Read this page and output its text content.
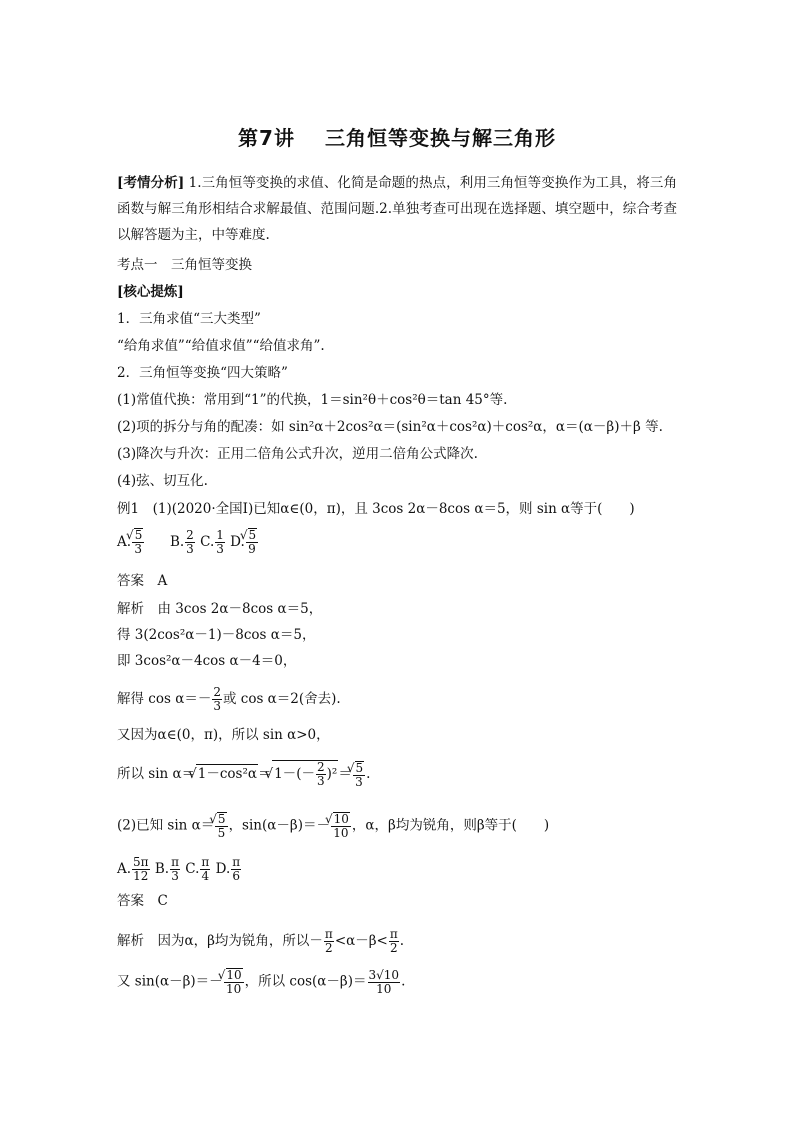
第7讲 三角恒等变换与解三角形
[考情分析] 1.三角恒等变换的求值、化简是命题的热点，利用三角恒等变换作为工具，将三角函数与解三角形相结合求解最值、范围问题.2.单独考查可出现在选择题、填空题中，综合考查以解答题为主，中等难度.
考点一　三角恒等变换
[核心提炼]
1．三角求值“三大类型”
“给角求值”“给值求值”“给值求角”.
2．三角恒等变换“四大策略”
(1)常值代换：常用到“1”的代换，1＝sin²θ＋cos²θ＝tan 45°等.
(2)项的拆分与角的配凑：如 sin²α＋2cos²α＝(sin²α＋cos²α)＋cos²α，α＝(α－β)＋β 等.
(3)降次与升次：正用二倍角公式升次，逆用二倍角公式降次.
(4)弦、切互化.
例1　(1)(2020·全国Ⅰ)已知α∈(0，π)，且 3cos 2α－8cos α＝5，则 sin α等于(　　)
A. √ $\frac{5}{3} B$. $\frac{2}{3} C$. $\frac{1}{3} D$. √ $\frac{5}{9}$
答案　 A
解析　 由 3cos 2α－8cos α＝5，
得 3(2cos²α－1)－8cos α＝5，
即 3cos²α－4cos α－4＝0，
解得 $\cos \alpha=- \frac{2}{3}$ 或 cos α＝2(舍去).
又因为α∈(0，π)，所以 sin α>0，
所以 sin α＝ √ 1－cos²α＝ √ $1-(- \frac{2}{3} )^2=$ √ $\frac{5}{3}$ .
(2)已知 sin α＝ √ $\frac{5}{5}$ ，sin(α－β)＝－ √ $\frac{10}{10}$ ，α，β均为锐角，则β等于(　　)
A. $\frac{5\pi}{12} B$. $\frac{\pi}{3} C$. $\frac{\pi}{4} D$. $\frac{\pi}{6}$
答案　 C
解析　 因为α，β均为锐角，所以－ $\frac{\pi}{2} <\alpha-\beta< \frac{\pi}{2}$ .
又 sin(α－β)＝－ √ $\frac{10}{10}$ ，所以 $\cos(\alpha-\beta)= \frac{3√10}{10}$ .
